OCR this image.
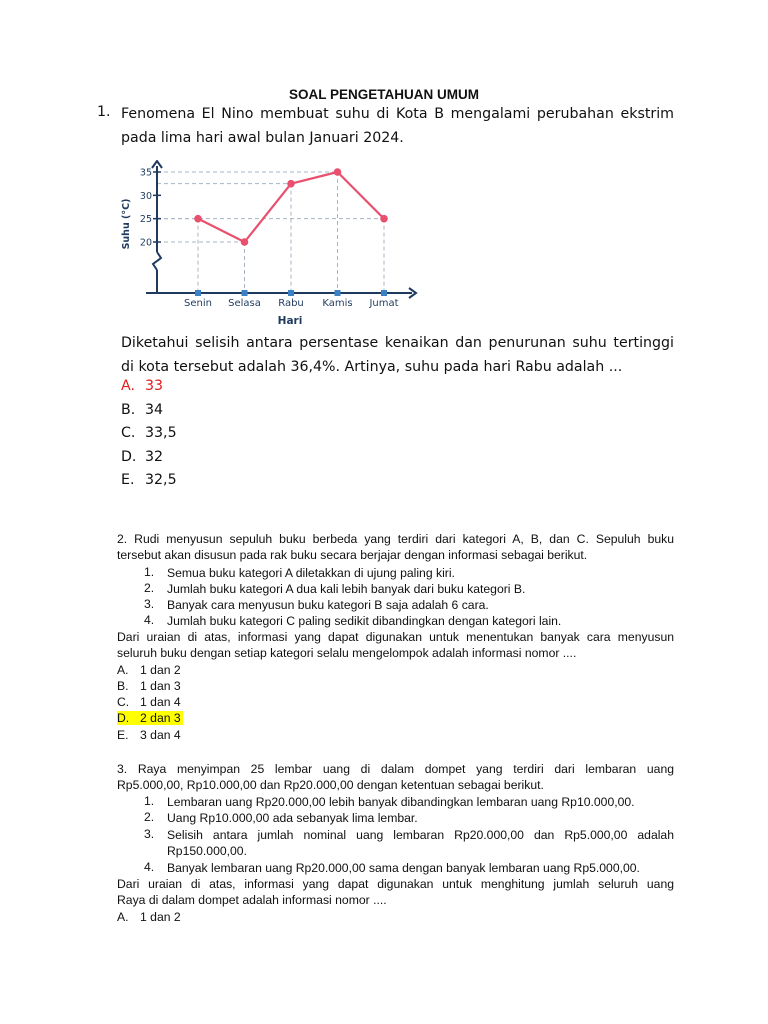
SOAL PENGETAHUAN UMUM
1. Fenomena El Nino membuat suhu di Kota B mengalami perubahan ekstrim
pada lima hari awal bulan Januari 2024.
20
25
30
35
Senin Selasa Rabu Kamis Jumat
Hari
Suhu (°C)
Diketahui selisih antara persentase kenaikan dan penurunan suhu tertinggi
di kota tersebut adalah 36,4%. Artinya, suhu pada hari Rabu adalah ...
A. 33
B. 34
C. 33,5
D. 32
E. 32,5
2. Rudi menyusun sepuluh buku berbeda yang terdiri dari kategori A, B, dan C. Sepuluh buku
tersebut akan disusun pada rak buku secara berjajar dengan informasi sebagai berikut.
1. Semua buku kategori A diletakkan di ujung paling kiri.
2. Jumlah buku kategori A dua kali lebih banyak dari buku kategori B.
3. Banyak cara menyusun buku kategori B saja adalah 6 cara.
4. Jumlah buku kategori C paling sedikit dibandingkan dengan kategori lain.
Dari uraian di atas, informasi yang dapat digunakan untuk menentukan banyak cara menyusun
seluruh buku dengan setiap kategori selalu mengelompok adalah informasi nomor ....
A. 1 dan 2
B. 1 dan 3
C. 1 dan 4
D. 2 dan 3
E. 3 dan 4
3. Raya menyimpan 25 lembar uang di dalam dompet yang terdiri dari lembaran uang
Rp5.000,00, Rp10.000,00 dan Rp20.000,00 dengan ketentuan sebagai berikut.
1. Lembaran uang Rp20.000,00 lebih banyak dibandingkan lembaran uang Rp10.000,00.
2. Uang Rp10.000,00 ada sebanyak lima lembar.
3. Selisih antara jumlah nominal uang lembaran Rp20.000,00 dan Rp5.000,00 adalah
Rp150.000,00.
4. Banyak lembaran uang Rp20.000,00 sama dengan banyak lembaran uang Rp5.000,00.
Dari uraian di atas, informasi yang dapat digunakan untuk menghitung jumlah seluruh uang
Raya di dalam dompet adalah informasi nomor ....
A. 1 dan 2
